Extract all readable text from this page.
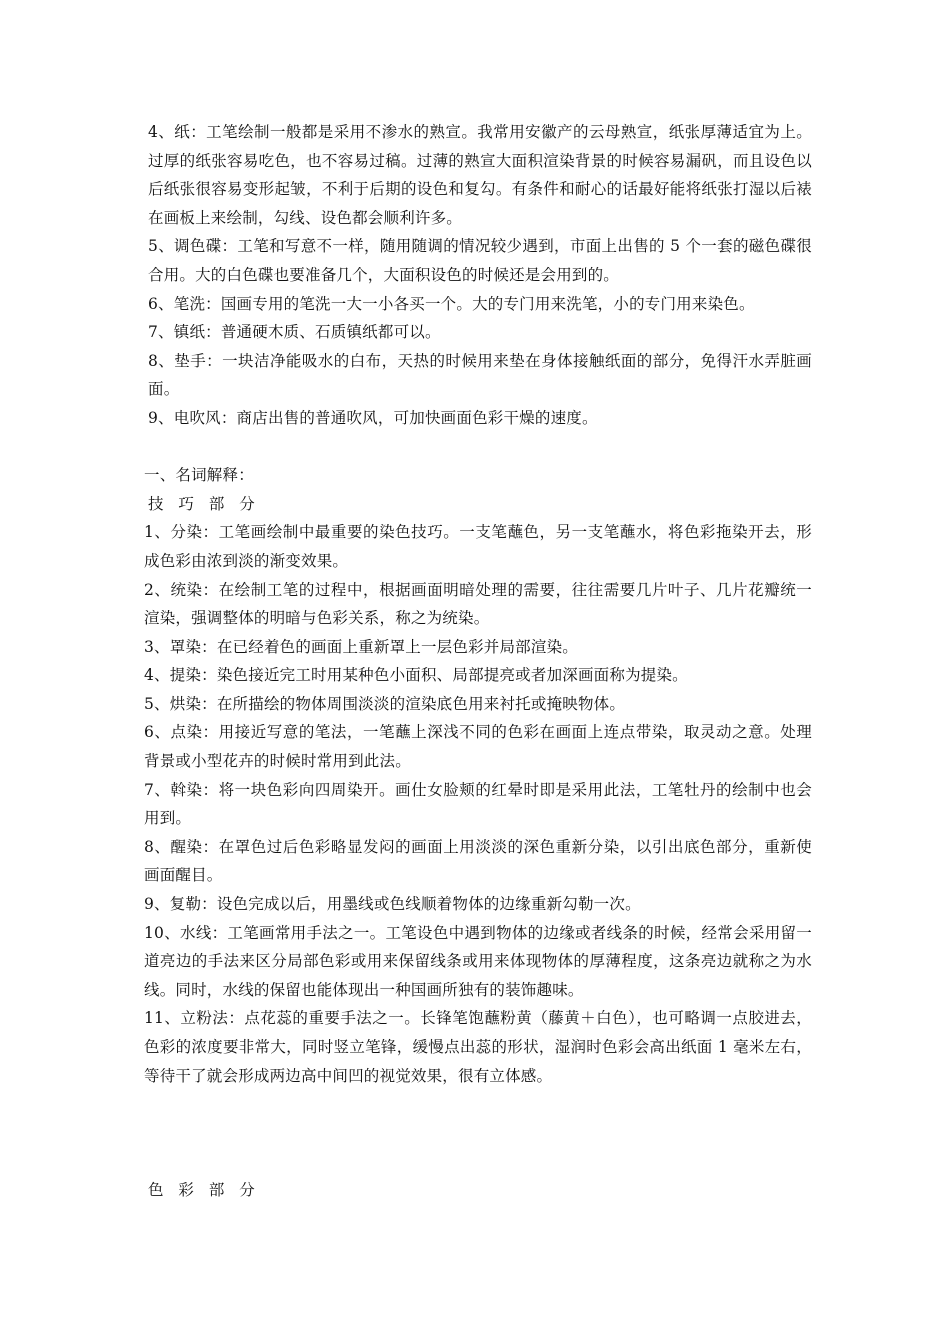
4、纸：工笔绘制一般都是采用不渗水的熟宣。我常用安徽产的云母熟宣，纸张厚薄适宜为上。过厚的纸张容易吃色，也不容易过稿。过薄的熟宣大面积渲染背景的时候容易漏矾，而且设色以后纸张很容易变形起皱，不利于后期的设色和复勾。有条件和耐心的话最好能将纸张打湿以后裱在画板上来绘制，勾线、设色都会顺利许多。

5、调色碟：工笔和写意不一样，随用随调的情况较少遇到，市面上出售的 5 个一套的磁色碟很合用。大的白色碟也要准备几个，大面积设色的时候还是会用到的。

6、笔洗：国画专用的笔洗一大一小各买一个。大的专门用来洗笔，小的专门用来染色。

7、镇纸：普通硬木质、石质镇纸都可以。

8、垫手：一块洁净能吸水的白布，天热的时候用来垫在身体接触纸面的部分，免得汗水弄脏画面。

9、电吹风：商店出售的普通吹风，可加快画面色彩干燥的速度。

一、名词解释：

技 巧 部 分

1、分染：工笔画绘制中最重要的染色技巧。一支笔蘸色，另一支笔蘸水，将色彩拖染开去，形成色彩由浓到淡的渐变效果。

2、统染：在绘制工笔的过程中，根据画面明暗处理的需要，往往需要几片叶子、几片花瓣统一渲染，强调整体的明暗与色彩关系，称之为统染。

3、罩染：在已经着色的画面上重新罩上一层色彩并局部渲染。

4、提染：染色接近完工时用某种色小面积、局部提亮或者加深画面称为提染。

5、烘染：在所描绘的物体周围淡淡的渲染底色用来衬托或掩映物体。

6、点染：用接近写意的笔法，一笔蘸上深浅不同的色彩在画面上连点带染，取灵动之意。处理背景或小型花卉的时候时常用到此法。

7、斡染：将一块色彩向四周染开。画仕女脸颊的红晕时即是采用此法，工笔牡丹的绘制中也会用到。

8、醒染：在罩色过后色彩略显发闷的画面上用淡淡的深色重新分染，以引出底色部分，重新使画面醒目。

9、复勒：设色完成以后，用墨线或色线顺着物体的边缘重新勾勒一次。

10、水线：工笔画常用手法之一。工笔设色中遇到物体的边缘或者线条的时候，经常会采用留一道亮边的手法来区分局部色彩或用来保留线条或用来体现物体的厚薄程度，这条亮边就称之为水线。同时，水线的保留也能体现出一种国画所独有的装饰趣味。

11、立粉法：点花蕊的重要手法之一。长锋笔饱蘸粉黄（藤黄＋白色），也可略调一点胶进去，色彩的浓度要非常大，同时竖立笔锋，缓慢点出蕊的形状，湿润时色彩会高出纸面 1 毫米左右，等待干了就会形成两边高中间凹的视觉效果，很有立体感。

色 彩 部 分
